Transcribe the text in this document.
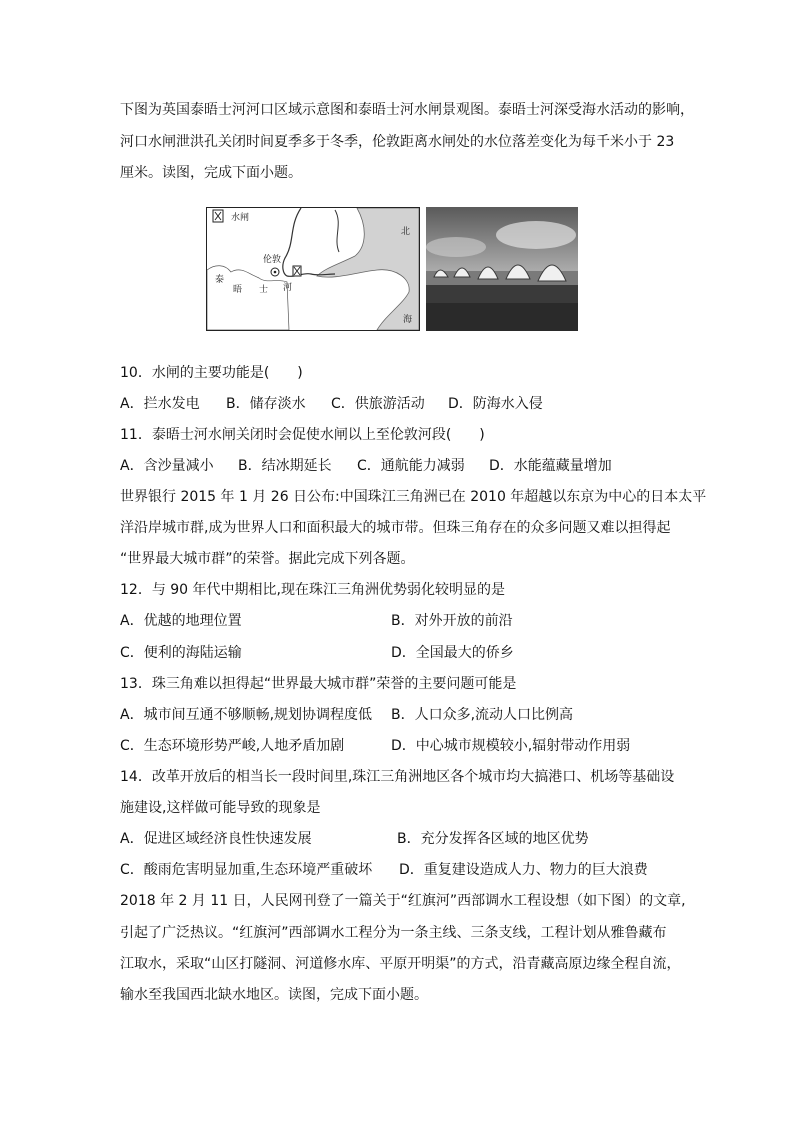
下图为英国泰晤士河河口区域示意图和泰晤士河水闸景观图。泰晤士河深受海水活动的影响，
河口水闸泄洪孔关闭时间夏季多于冬季，伦敦距离水闸处的水位落差变化为每千米小于 23
厘米。读图，完成下面小题。
水闸
伦敦
河
泰
晤 士
北
海
10．水闸的主要功能是(　　)
A．拦水发电 B．储存淡水 C．供旅游活动 D．防海水入侵
11．泰晤士河水闸关闭时会促使水闸以上至伦敦河段(　　)
A．含沙量减小 B．结冰期延长 C．通航能力减弱 D．水能蕴藏量增加
世界银行 2015 年 1 月 26 日公布:中国珠江三角洲已在 2010 年超越以东京为中心的日本太平
洋沿岸城市群,成为世界人口和面积最大的城市带。但珠三角存在的众多问题又难以担得起
“世界最大城市群”的荣誉。据此完成下列各题。
12．与 90 年代中期相比,现在珠江三角洲优势弱化较明显的是
A．优越的地理位置	B．对外开放的前沿
C．便利的海陆运输	D．全国最大的侨乡
13．珠三角难以担得起“世界最大城市群”荣誉的主要问题可能是
A．城市间互通不够顺畅,规划协调程度低 B．人口众多,流动人口比例高
C．生态环境形势严峻,人地矛盾加剧	D．中心城市规模较小,辐射带动作用弱
14．改革开放后的相当长一段时间里,珠江三角洲地区各个城市均大搞港口、机场等基础设
施建设,这样做可能导致的现象是
A．促进区域经济良性快速发展	B．充分发挥各区域的地区优势
C．酸雨危害明显加重,生态环境严重破坏 D．重复建设造成人力、物力的巨大浪费
2018 年 2 月 11 日，人民网刊登了一篇关于“红旗河”西部调水工程设想（如下图）的文章,
引起了广泛热议。“红旗河”西部调水工程分为一条主线、三条支线，工程计划从雅鲁藏布
江取水，采取“山区打隧洞、河道修水库、平原开明渠”的方式，沿青藏高原边缘全程自流，
输水至我国西北缺水地区。读图，完成下面小题。
